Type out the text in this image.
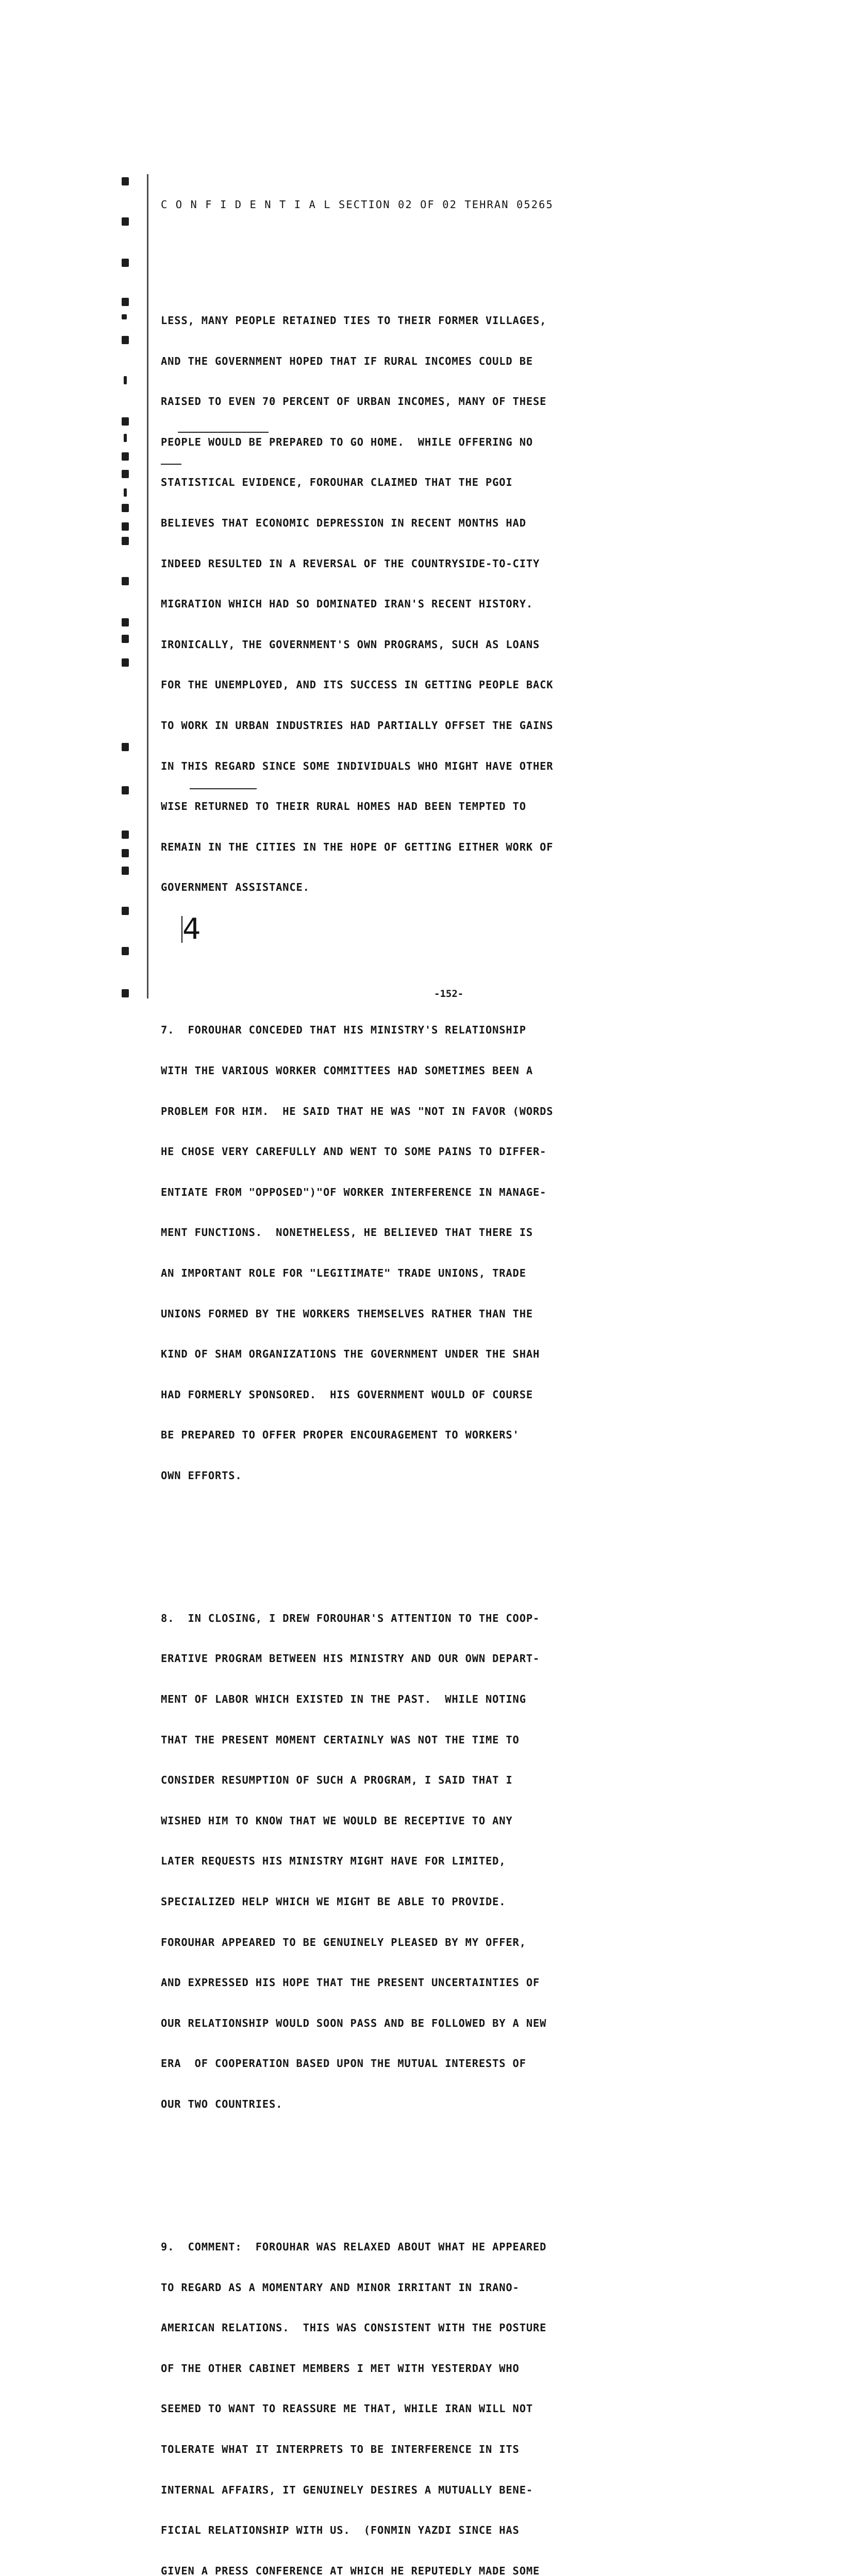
C O N F I D E N T I A L SECTION 02 OF 02 TEHRAN 05265

LESS, MANY PEOPLE RETAINED TIES TO THEIR FORMER VILLAGES,

AND THE GOVERNMENT HOPED THAT IF RURAL INCOMES COULD BE

RAISED TO EVEN 70 PERCENT OF URBAN INCOMES, MANY OF THESE

PEOPLE WOULD BE PREPARED TO GO HOME.  WHILE OFFERING NO

STATISTICAL EVIDENCE, FOROUHAR CLAIMED THAT THE PGOI

BELIEVES THAT ECONOMIC DEPRESSION IN RECENT MONTHS HAD

INDEED RESULTED IN A REVERSAL OF THE COUNTRYSIDE-TO-CITY

MIGRATION WHICH HAD SO DOMINATED IRAN'S RECENT HISTORY.

IRONICALLY, THE GOVERNMENT'S OWN PROGRAMS, SUCH AS LOANS

FOR THE UNEMPLOYED, AND ITS SUCCESS IN GETTING PEOPLE BACK

TO WORK IN URBAN INDUSTRIES HAD PARTIALLY OFFSET THE GAINS

IN THIS REGARD SINCE SOME INDIVIDUALS WHO MIGHT HAVE OTHER

WISE RETURNED TO THEIR RURAL HOMES HAD BEEN TEMPTED TO

REMAIN IN THE CITIES IN THE HOPE OF GETTING EITHER WORK OF

GOVERNMENT ASSISTANCE.

7.  FOROUHAR CONCEDED THAT HIS MINISTRY'S RELATIONSHIP

WITH THE VARIOUS WORKER COMMITTEES HAD SOMETIMES BEEN A

PROBLEM FOR HIM.  HE SAID THAT HE WAS "NOT IN FAVOR (WORDS

HE CHOSE VERY CAREFULLY AND WENT TO SOME PAINS TO DIFFER-

ENTIATE FROM "OPPOSED")"OF WORKER INTERFERENCE IN MANAGE-

MENT FUNCTIONS.  NONETHELESS, HE BELIEVED THAT THERE IS

AN IMPORTANT ROLE FOR "LEGITIMATE" TRADE UNIONS, TRADE

UNIONS FORMED BY THE WORKERS THEMSELVES RATHER THAN THE

KIND OF SHAM ORGANIZATIONS THE GOVERNMENT UNDER THE SHAH

HAD FORMERLY SPONSORED.  HIS GOVERNMENT WOULD OF COURSE

BE PREPARED TO OFFER PROPER ENCOURAGEMENT TO WORKERS'

OWN EFFORTS.

8.  IN CLOSING, I DREW FOROUHAR'S ATTENTION TO THE COOP-

ERATIVE PROGRAM BETWEEN HIS MINISTRY AND OUR OWN DEPART-

MENT OF LABOR WHICH EXISTED IN THE PAST.  WHILE NOTING

THAT THE PRESENT MOMENT CERTAINLY WAS NOT THE TIME TO

CONSIDER RESUMPTION OF SUCH A PROGRAM, I SAID THAT I

WISHED HIM TO KNOW THAT WE WOULD BE RECEPTIVE TO ANY

LATER REQUESTS HIS MINISTRY MIGHT HAVE FOR LIMITED,

SPECIALIZED HELP WHICH WE MIGHT BE ABLE TO PROVIDE.

FOROUHAR APPEARED TO BE GENUINELY PLEASED BY MY OFFER,

AND EXPRESSED HIS HOPE THAT THE PRESENT UNCERTAINTIES OF

OUR RELATIONSHIP WOULD SOON PASS AND BE FOLLOWED BY A NEW

ERA  OF COOPERATION BASED UPON THE MUTUAL INTERESTS OF

OUR TWO COUNTRIES.

9.  COMMENT:  FOROUHAR WAS RELAXED ABOUT WHAT HE APPEARED

TO REGARD AS A MOMENTARY AND MINOR IRRITANT IN IRANO-

AMERICAN RELATIONS.  THIS WAS CONSISTENT WITH THE POSTURE

OF THE OTHER CABINET MEMBERS I MET WITH YESTERDAY WHO

SEEMED TO WANT TO REASSURE ME THAT, WHILE IRAN WILL NOT

TOLERATE WHAT IT INTERPRETS TO BE INTERFERENCE IN ITS

INTERNAL AFFAIRS, IT GENUINELY DESIRES A MUTUALLY BENE-

FICIAL RELATIONSHIP WITH US.  (FONMIN YAZDI SINCE HAS

GIVEN A PRESS CONFERENCE AT WHICH HE REPUTEDLY MADE SOME

4
-152-
